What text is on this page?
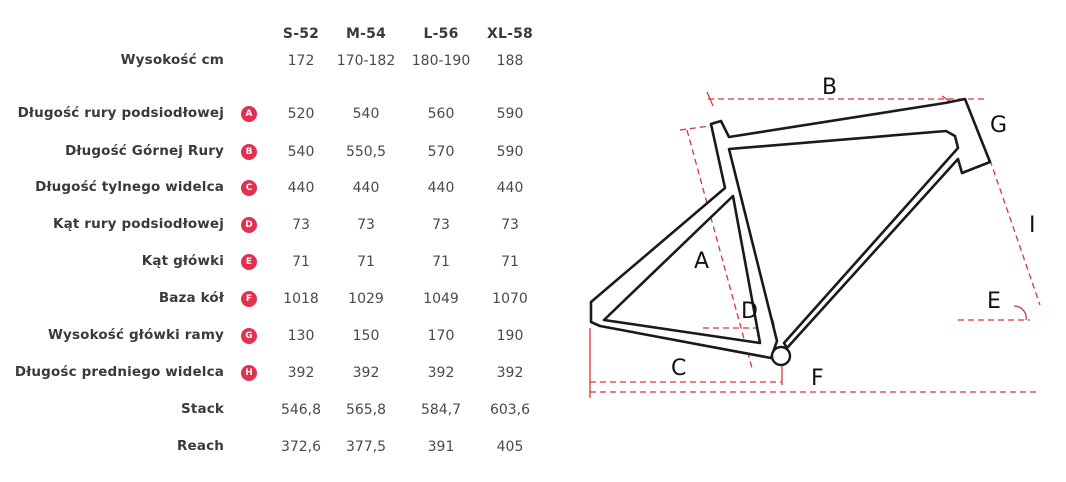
S-52 M-54	L-56 XL-58
Wysokość cm	172 170-182 180-190 188
Długość rury podsiodłowej	A	520	540	560	590
Długość Górnej Rury	B	540 550,5	570	590
Długość tylnego widelca	C	440	440	440	440
Kąt rury podsiodłowej	D	73	73	73	73
Kąt główki	E	71	71	71	71
Baza kół	F	1018 1029	1049 1070
Wysokość główki ramy	G	130	150	170	190
Długośc predniego widelca	H	392	392	392	392
Stack	546,8 565,8 584,7 603,6
Reach	372,6 377,5	391	405
B
G
I
A
D	E
C	F
